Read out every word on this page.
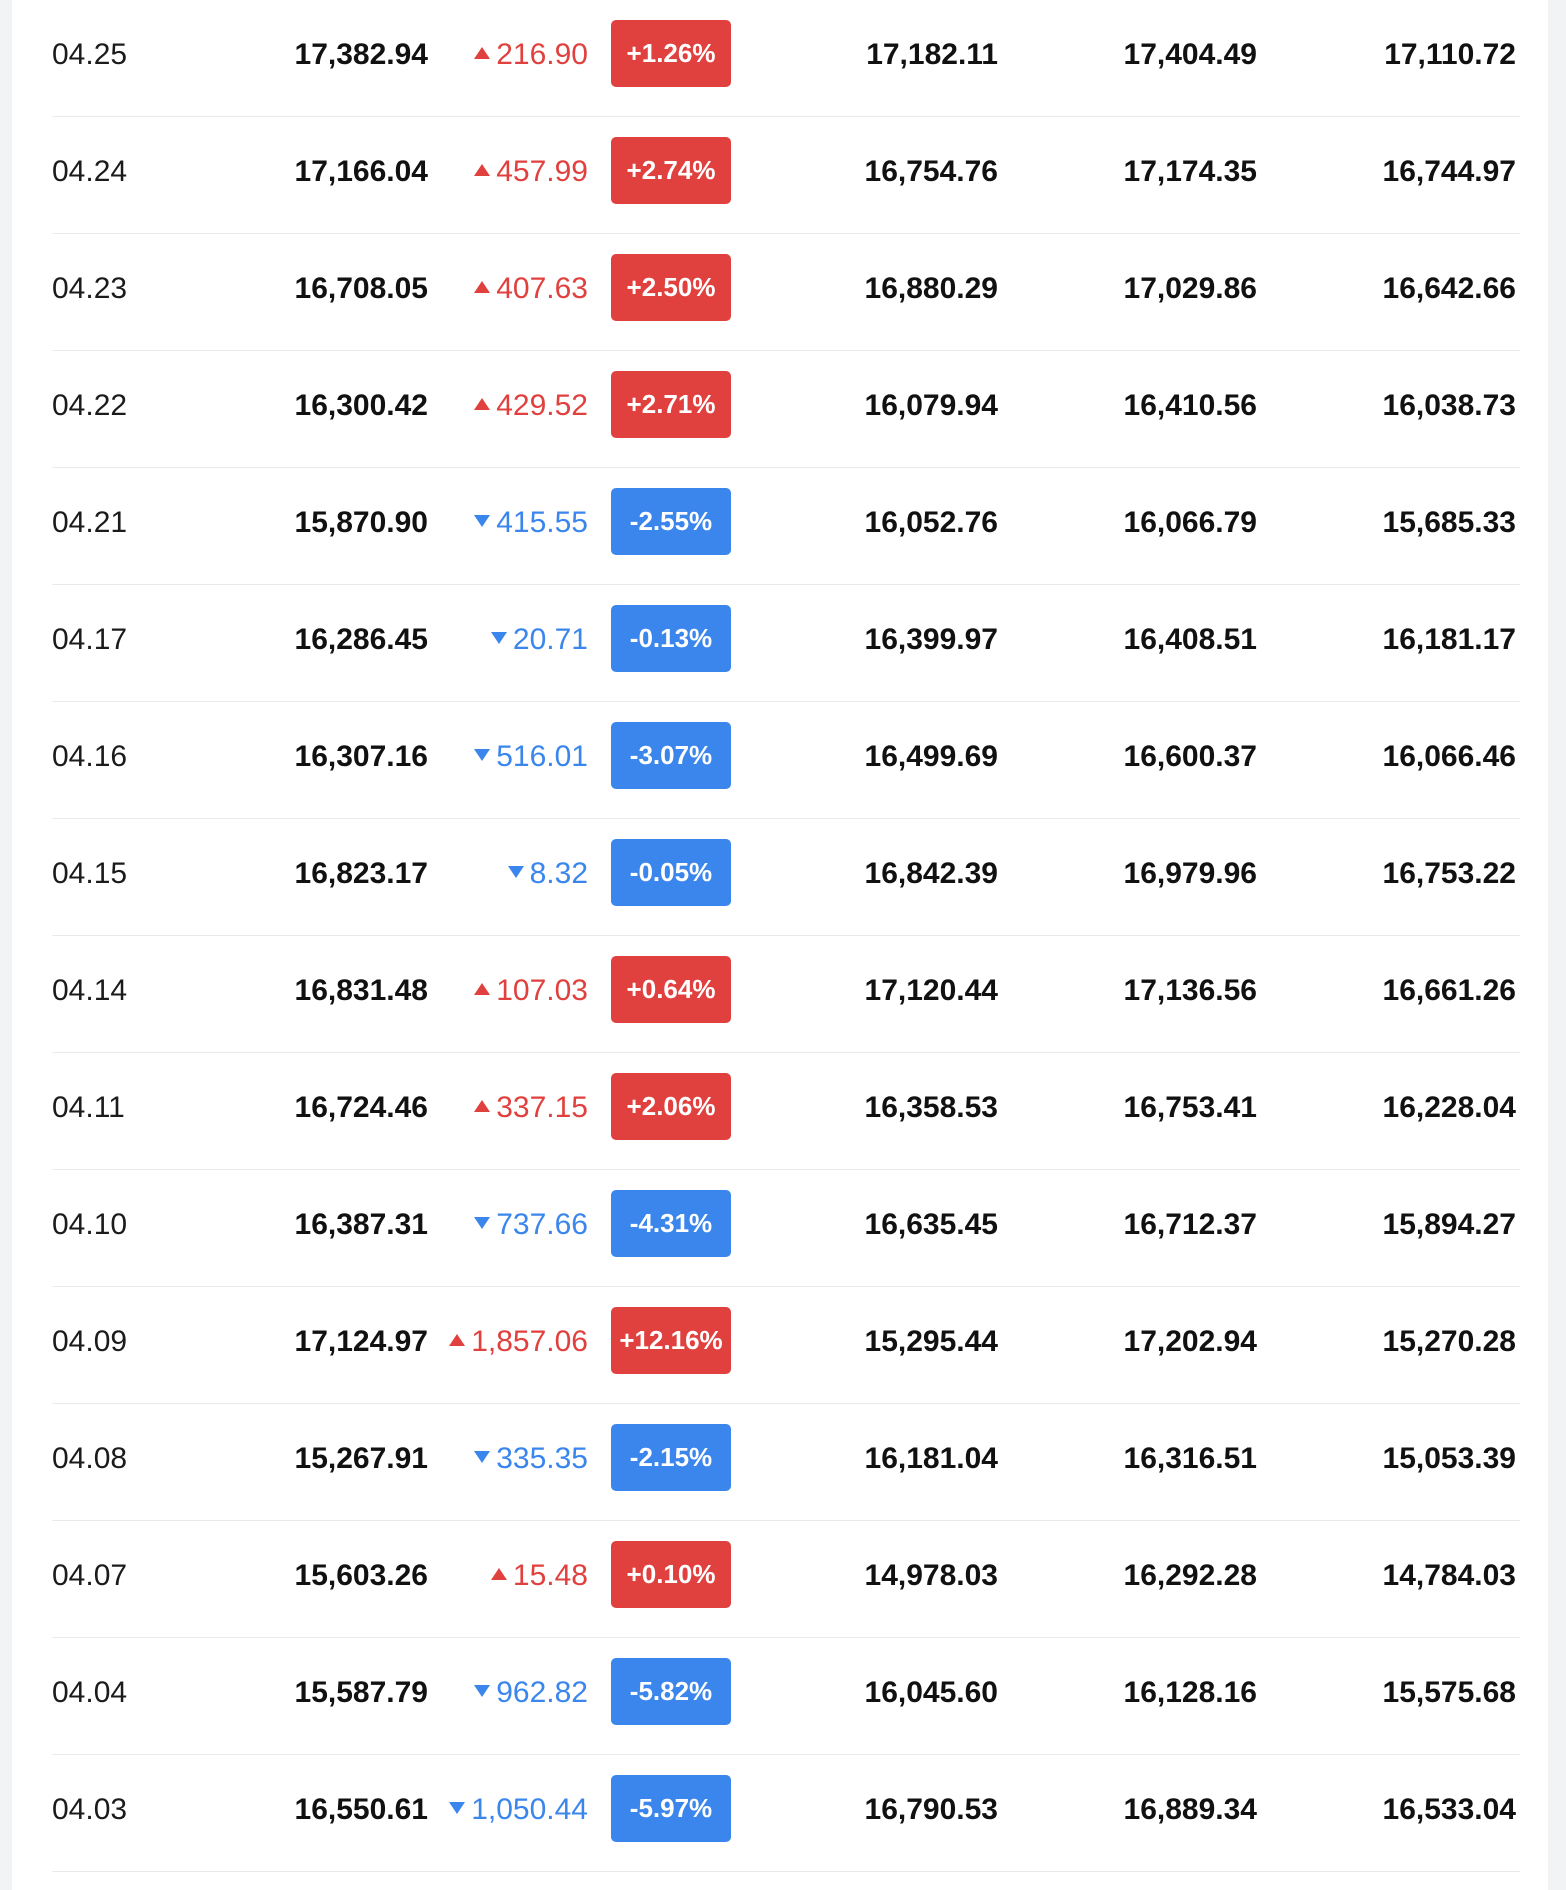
04.25	17,382.94	216.90	+1.26%	17,182.11	17,404.49	17,110.72
04.24	17,166.04	457.99	+2.74%	16,754.76	17,174.35	16,744.97
04.23	16,708.05	407.63	+2.50%	16,880.29	17,029.86	16,642.66
04.22	16,300.42	429.52	+2.71%	16,079.94	16,410.56	16,038.73
04.21	15,870.90	415.55	-2.55%	16,052.76	16,066.79	15,685.33
04.17	16,286.45	20.71	-0.13%	16,399.97	16,408.51	16,181.17
04.16	16,307.16	516.01	-3.07%	16,499.69	16,600.37	16,066.46
04.15	16,823.17	8.32	-0.05%	16,842.39	16,979.96	16,753.22
04.14	16,831.48	107.03	+0.64%	17,120.44	17,136.56	16,661.26
04.11	16,724.46	337.15	+2.06%	16,358.53	16,753.41	16,228.04
04.10	16,387.31	737.66	-4.31%	16,635.45	16,712.37	15,894.27
04.09	17,124.97	1,857.06	+12.16%	15,295.44	17,202.94	15,270.28
04.08	15,267.91	335.35	-2.15%	16,181.04	16,316.51	15,053.39
04.07	15,603.26	15.48	+0.10%	14,978.03	16,292.28	14,784.03
04.04	15,587.79	962.82	-5.82%	16,045.60	16,128.16	15,575.68
04.03	16,550.61	1,050.44	-5.97%	16,790.53	16,889.34	16,533.04
